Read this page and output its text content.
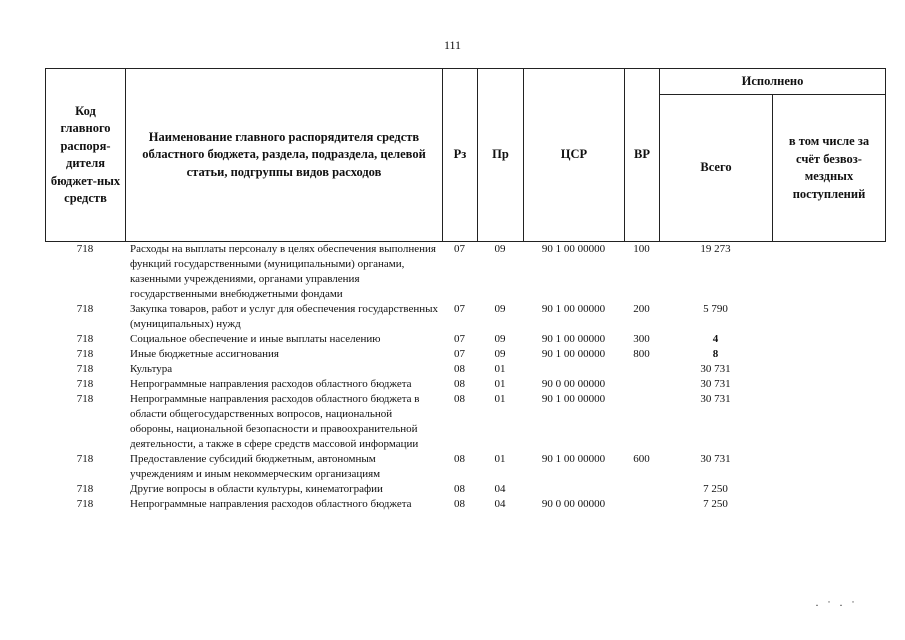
111
Код главного распоря-дителя бюджет-ных средств	Наименование главного распорядителя средств областного бюджета, раздела, подраздела, целевой статьи, подгруппы видов расходов	Рз	Пр	ЦСР	ВР	Исполнено	
						Всего	в том числе за счёт безвоз-мездных поступлений
718	Расходы на выплаты персоналу в целях обеспечения выполнения функций государственными (муниципальными) органами, казенными учреждениями, органами управления государственными внебюджетными фондами	07	09	90 1 00 00000	100	19 273	
718	Закупка товаров, работ и услуг для обеспечения государственных (муниципальных) нужд	07	09	90 1 00 00000	200	5 790	
718	Социальное обеспечение и иные выплаты населению	07	09	90 1 00 00000	300	4	
718	Иные бюджетные ассигнования	07	09	90 1 00 00000	800	8	
718	Культура	08	01			30 731	
718	Непрограммные направления расходов областного бюджета	08	01	90 0 00 00000		30 731	
718	Непрограммные направления расходов областного бюджета в области общегосударственных вопросов, национальной обороны, национальной безопасности и правоохранительной деятельности, а также в сфере средств массовой информации	08	01	90 1 00 00000		30 731	
718	Предоставление субсидий бюджетным, автономным учреждениям и иным некоммерческим организациям	08	01	90 1 00 00000	600	30 731	
718	Другие вопросы в области культуры, кинематографии	08	04			7 250	
718	Непрограммные направления расходов областного бюджета	08	04	90 0 00 00000		7 250	
·˙·˙
